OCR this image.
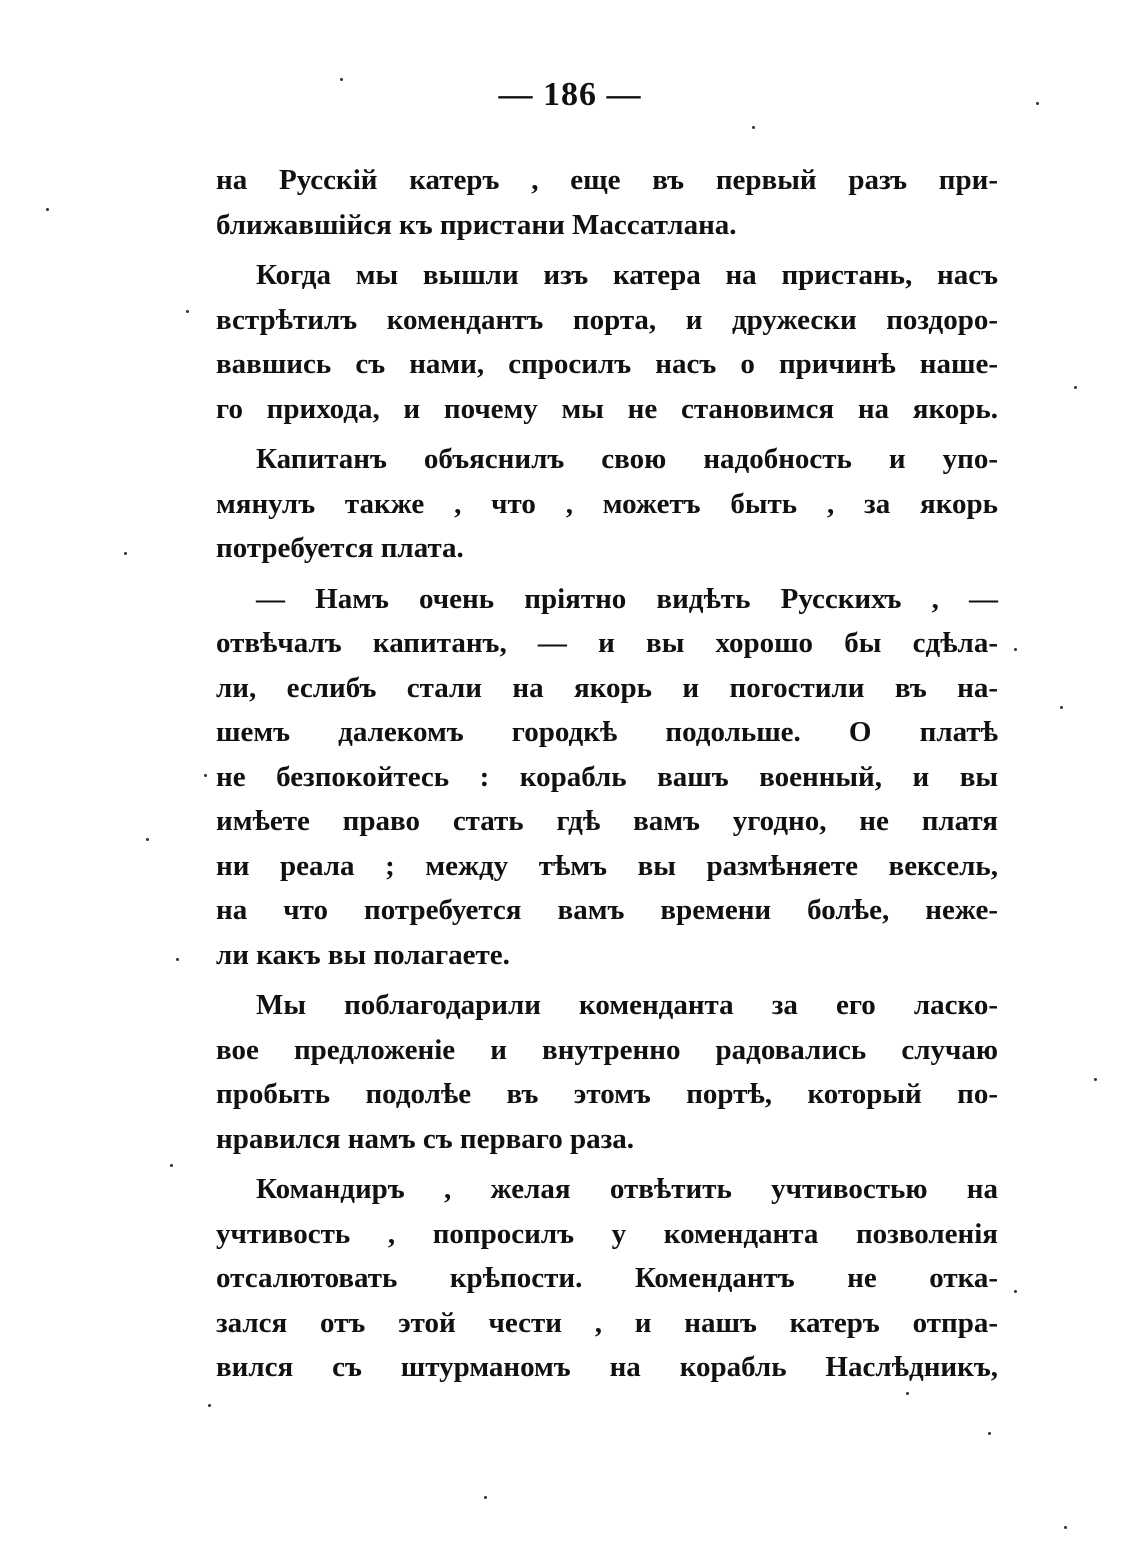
— 186 —
на Русскій катеръ , еще въ первый разъ при-
ближавшійся къ пристани Массатлана.
Когда мы вышли изъ катера на пристань, насъ
встрѣтилъ комендантъ порта, и дружески поздоро-
вавшись съ нами, спросилъ насъ о причинѣ наше-
го прихода, и почему мы не становимся на якорь.
Капитанъ объяснилъ свою надобность и упо-
мянулъ также , что , можетъ быть , за якорь
потребуется плата.
— Намъ очень пріятно видѣть Русскихъ , —
отвѣчалъ капитанъ, — и вы хорошо бы сдѣла-
ли, еслибъ стали на якорь и погостили въ на-
шемъ далекомъ городкѣ подольше. О платѣ
не безпокойтесь : корабль вашъ военный, и вы
имѣете право стать гдѣ вамъ угодно, не платя
ни реала ; между тѣмъ вы размѣняете вексель,
на что потребуется вамъ времени болѣе, неже-
ли какъ вы полагаете.
Мы поблагодарили коменданта за его ласко-
вое предложеніе и внутренно радовались случаю
пробыть подолѣе въ этомъ портѣ, который по-
нравился намъ съ перваго раза.
Командиръ , желая отвѣтить учтивостью на
учтивость , попросилъ у коменданта позволенія
отсалютовать крѣпости. Комендантъ не отка-
зался отъ этой чести , и нашъ катеръ отпра-
вился съ штурманомъ на корабль Наслѣдникъ,
